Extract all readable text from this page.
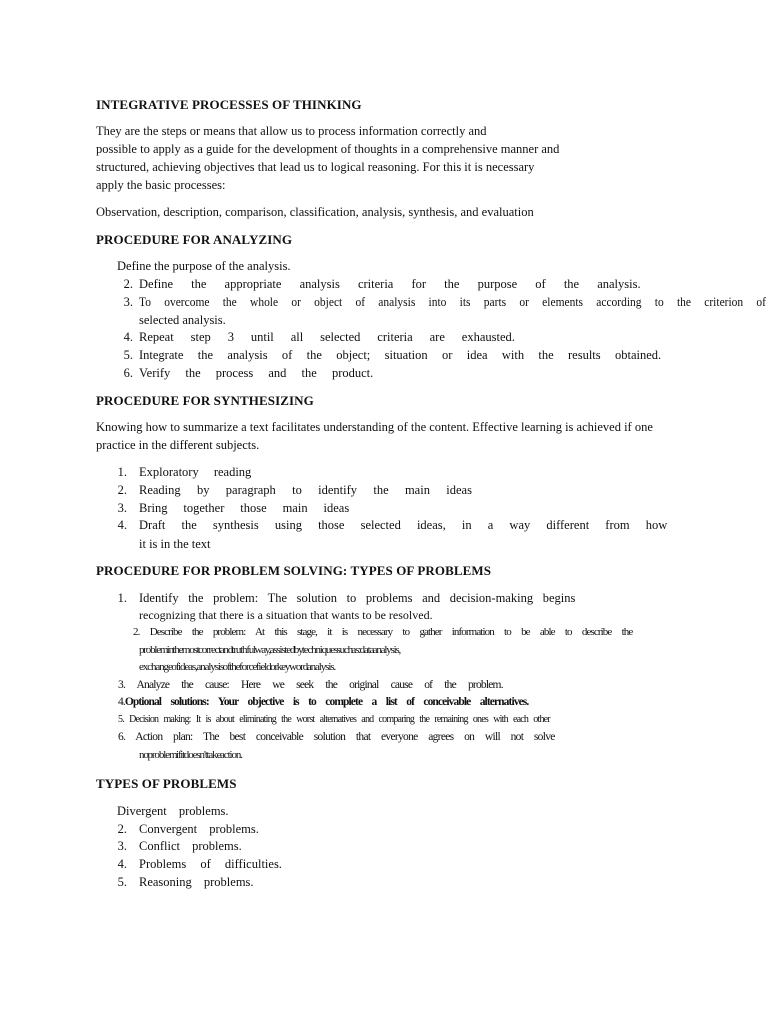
INTEGRATIVE PROCESSES OF THINKING
They are the steps or means that allow us to process information correctly and
possible to apply as a guide for the development of thoughts in a comprehensive manner and
structured, achieving objectives that lead us to logical reasoning. For this it is necessary
apply the basic processes:
Observation, description, comparison, classification, analysis, synthesis, and evaluation
PROCEDURE FOR ANALYZING
Define the purpose of the analysis.
2. Define the appropriate analysis criteria for the purpose of the analysis.
3. To overcome the whole or object of analysis into its parts or elements according to the criterion of
selected analysis.
4. Repeat step 3 until all selected criteria are exhausted.
5. Integrate the analysis of the object; situation or idea with the results obtained.
6. Verify the process and the product.
PROCEDURE FOR SYNTHESIZING
Knowing how to summarize a text facilitates understanding of the content. Effective learning is achieved if one
practice in the different subjects.
1. Exploratory reading
2. Reading by paragraph to identify the main ideas
3. Bring together those main ideas
4. Draft the synthesis using those selected ideas, in a way different from how
it is in the text
PROCEDURE FOR PROBLEM SOLVING: TYPES OF PROBLEMS
1. Identify the problem: The solution to problems and decision-making begins
recognizing that there is a situation that wants to be resolved.
2. Describe the problem: At this stage, it is necessary to gather information to be able to describe the
problem in the most correct and truthful way, assisted by techniques such as: data analysis,
exchange of ideas, analysis of the force field or key word analysis.
3. Analyze the cause: Here we seek the original cause of the problem.
4.Optional solutions: Your objective is to complete a list of conceivable alternatives.
5. Decision making: It is about eliminating the worst alternatives and comparing the remaining ones with each other
6. Action plan: The best conceivable solution that everyone agrees on will not solve
no problem if it doesn't take action.
TYPES OF PROBLEMS
Divergent problems.
2. Convergent problems.
3. Conflict problems.
4. Problems of difficulties.
5. Reasoning problems.
